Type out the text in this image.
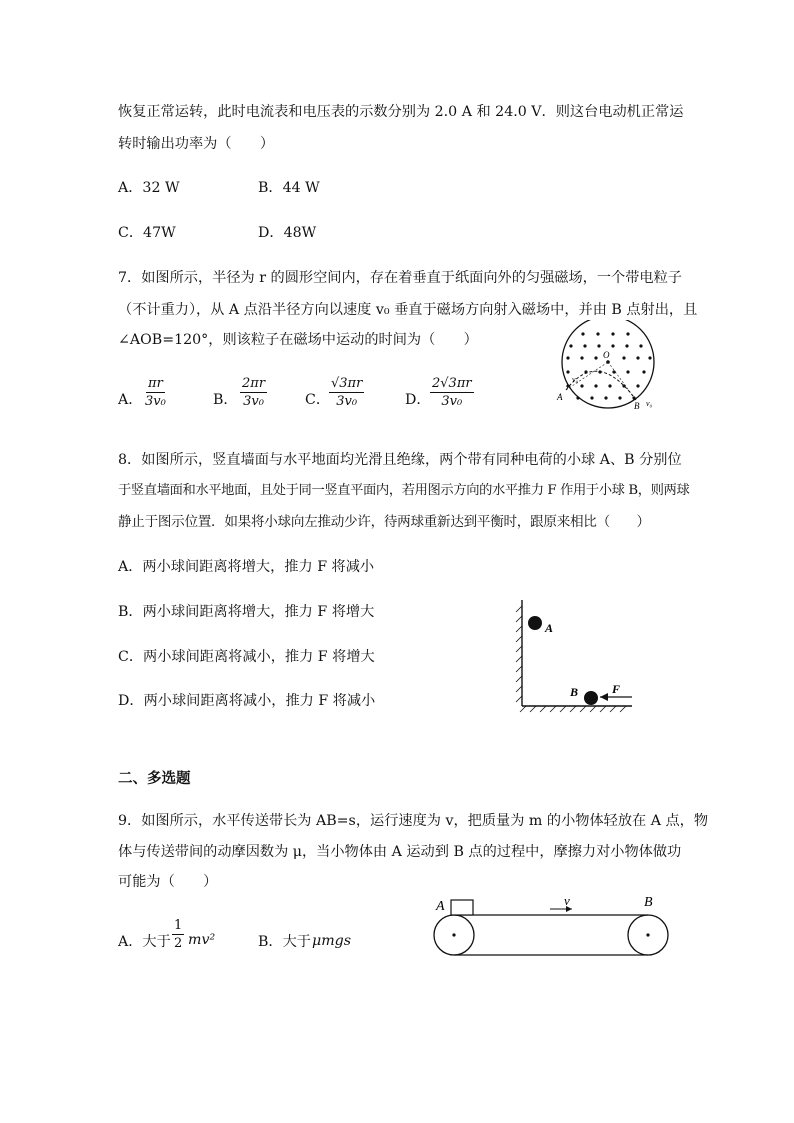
恢复正常运转，此时电流表和电压表的示数分别为 2.0 A 和 24.0 V．则这台电动机正常运
转时输出功率为（　　）
A．32 W	B．44 W
C．47W	D．48W
7．如图所示，半径为 r 的圆形空间内，存在着垂直于纸面向外的匀强磁场，一个带电粒子
（不计重力），从 A 点沿半径方向以速度 v₀ 垂直于磁场方向射入磁场中，并由 B 点射出，且
∠AOB=120°，则该粒子在磁场中运动的时间为（　　）
A． $\frac{\pi r}{\text{3v₀}}$	B． $\frac{2\pi r}{\text{3v₀}}$	C．
$\frac{√3\pi r}{\text{3v₀}}$	D． $\frac{2√3\pi r}{\text{3v₀}}$
O
A
B
v₀
v₀
8．如图所示，竖直墙面与水平地面均光滑且绝缘，两个带有同种电荷的小球 A、B 分别位
于竖直墙面和水平地面，且处于同一竖直平面内，若用图示方向的水平推力 F 作用于小球 B，则两球
静止于图示位置．如果将小球向左推动少许，待两球重新达到平衡时，跟原来相比（　　）
A．两小球间距离将增大，推力 F 将减小
B．两小球间距离将增大，推力 F 将增大
C．两小球间距离将减小，推力 F 将增大
D．两小球间距离将减小，推力 F 将减小
A
B	F
二、多选题
9．如图所示，水平传送带长为 AB=s，运行速度为 v，把质量为 m 的小物体轻放在 A 点，物
体与传送带间的动摩因数为 μ，当小物体由 A 运动到 B 点的过程中，摩擦力对小物体做功
可能为（　　）
A．大于 $\frac{1}{2} mv^2$	B．大于 μmgs
v
A	B
